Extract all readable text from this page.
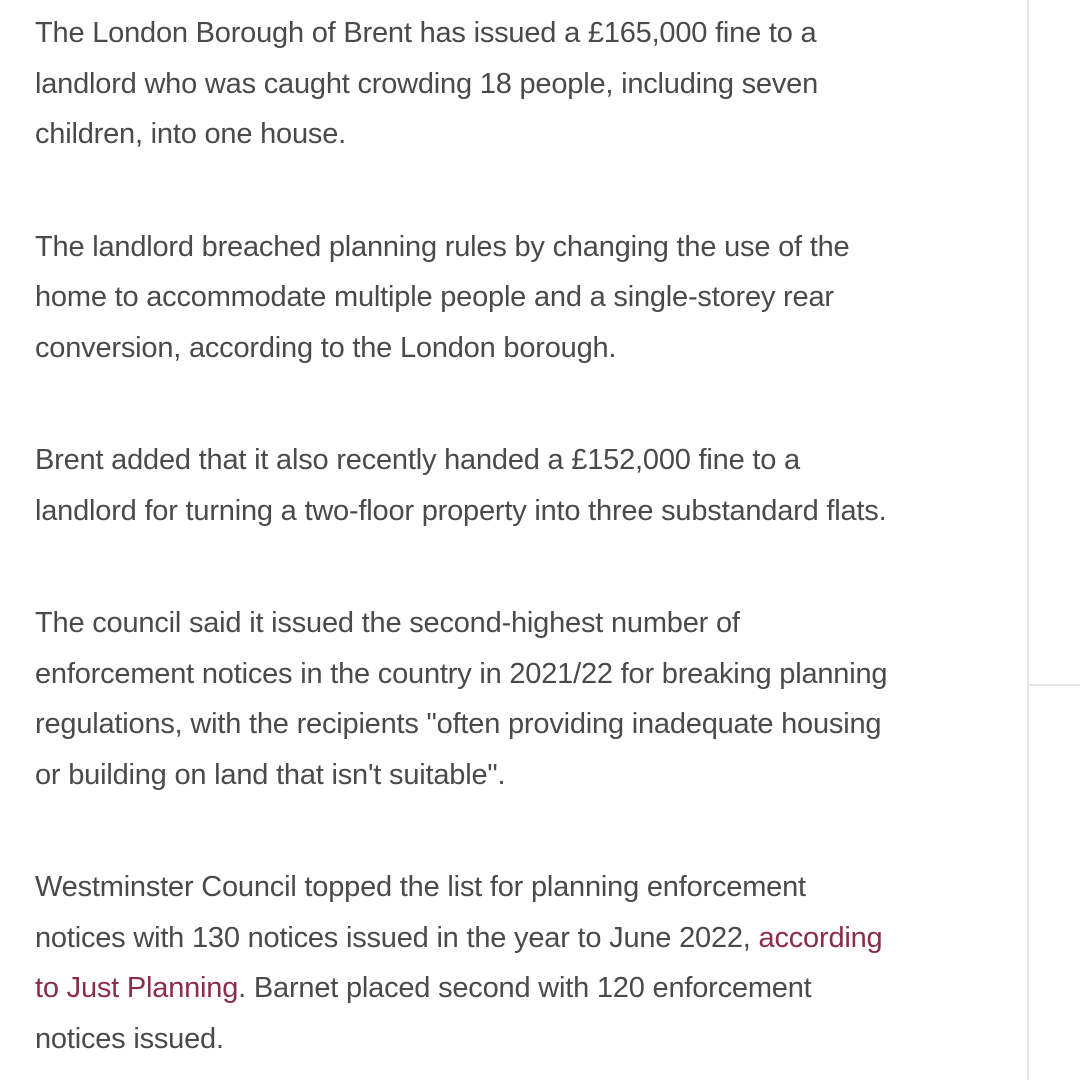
The London Borough of Brent has issued a £165,000 fine to a
landlord who was caught crowding 18 people, including seven
children, into one house.

The landlord breached planning rules by changing the use of the
home to accommodate multiple people and a single-storey rear
conversion, according to the London borough.

Brent added that it also recently handed a £152,000 fine to a
landlord for turning a two-floor property into three substandard flats.

The council said it issued the second-highest number of
enforcement notices in the country in 2021/22 for breaking planning
regulations, with the recipients "often providing inadequate housing
or building on land that isn't suitable".

Westminster Council topped the list for planning enforcement
notices with 130 notices issued in the year to June 2022, according
to Just Planning. Barnet placed second with 120 enforcement
notices issued.
